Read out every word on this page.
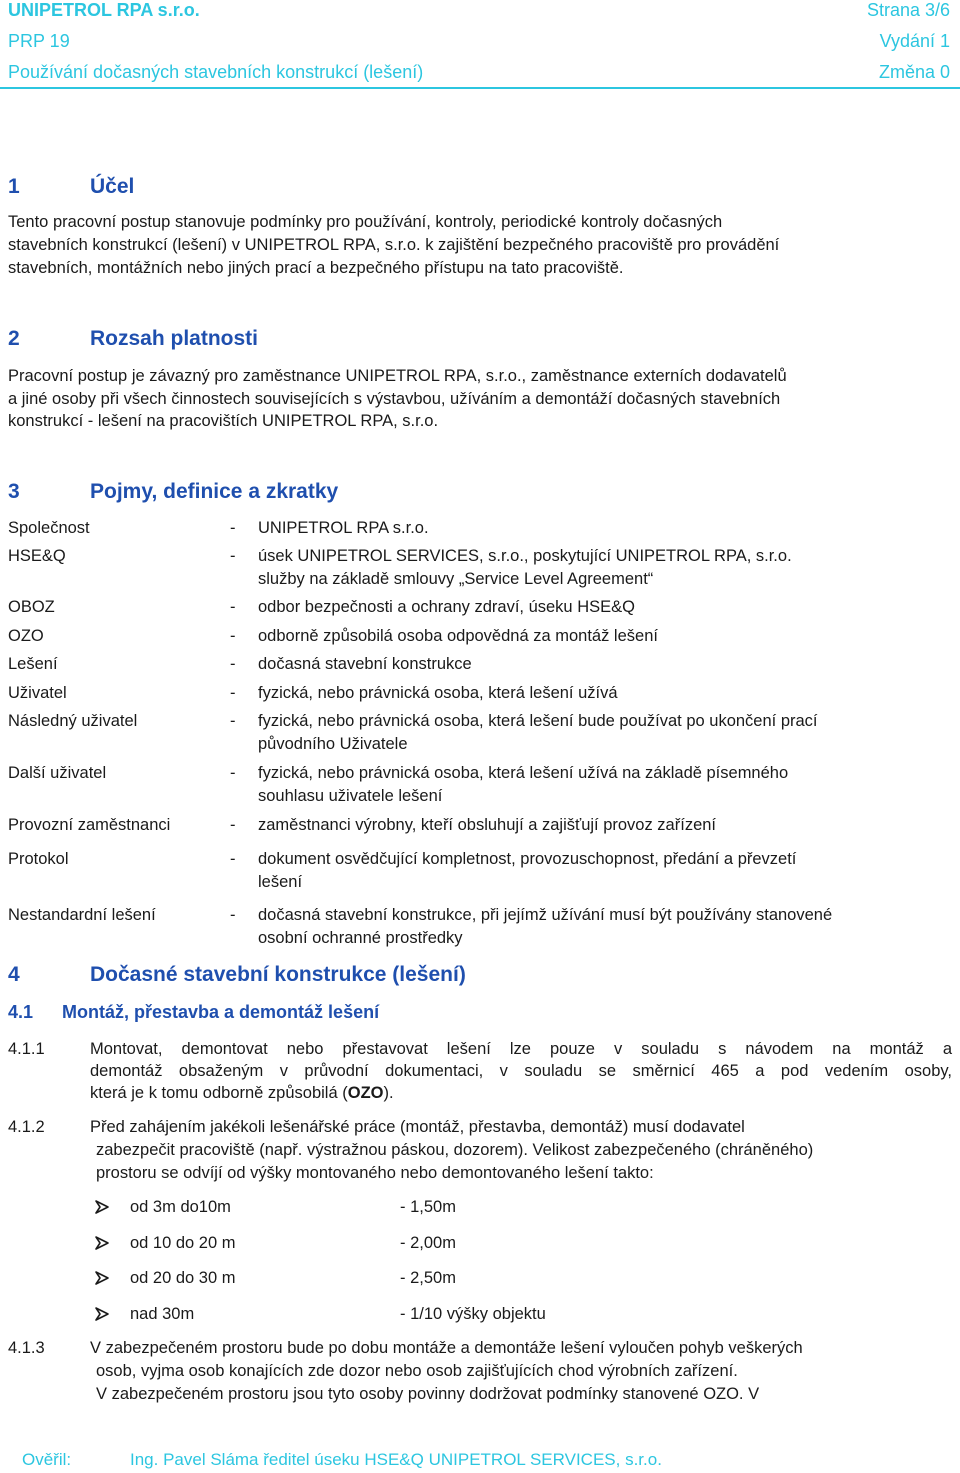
UNIPETROL RPA s.r.o.	Strana 3/6
PRP 19	Vydání 1
Používání dočasných stavebních konstrukcí (lešení)	Změna 0
1	Účel
Tento pracovní postup stanovuje podmínky pro používání, kontroly, periodické kontroly dočasných
stavebních konstrukcí (lešení) v UNIPETROL RPA, s.r.o. k zajištění bezpečného pracoviště pro provádění
stavebních, montážních nebo jiných prací a bezpečného přístupu na tato pracoviště.
2	Rozsah platnosti
Pracovní postup je závazný pro zaměstnance UNIPETROL RPA, s.r.o., zaměstnance externích dodavatelů
a jiné osoby při všech činnostech souvisejících s výstavbou, užíváním a demontáží dočasných stavebních
konstrukcí - lešení na pracovištích UNIPETROL RPA, s.r.o.
3	Pojmy, definice a zkratky
Společnost	- UNIPETROL RPA s.r.o.
HSE&Q	- úsek UNIPETROL SERVICES, s.r.o., poskytující UNIPETROL RPA, s.r.o.
služby na základě smlouvy „Service Level Agreement“
OBOZ	- odbor bezpečnosti a ochrany zdraví, úseku HSE&Q
OZO	- odborně způsobilá osoba odpovědná za montáž lešení
Lešení	- dočasná stavební konstrukce
Uživatel	- fyzická, nebo právnická osoba, která lešení užívá
Následný uživatel	- fyzická, nebo právnická osoba, která lešení bude používat po ukončení prací
původního Uživatele
Další uživatel	- fyzická, nebo právnická osoba, která lešení užívá na základě písemného
souhlasu uživatele lešení
Provozní zaměstnanci	- zaměstnanci výrobny, kteří obsluhují a zajišťují provoz zařízení
Protokol	- dokument osvědčující kompletnost, provozuschopnost, předání a převzetí
lešení
Nestandardní lešení	- dočasná stavební konstrukce, při jejímž užívání musí být používány stanovené
osobní ochranné prostředky
4	Dočasné stavební konstrukce (lešení)
4.1 Montáž, přestavba a demontáž lešení
4.1.1	Montovat, demontovat nebo přestavovat lešení lze pouze v souladu s návodem na montáž a
demontáž obsaženým v průvodní dokumentaci, v souladu se směrnicí 465 a pod vedením osoby,
která je k tomu odborně způsobilá (OZO).
4.1.2	Před zahájením jakékoli lešenářské práce (montáž, přestavba, demontáž) musí dodavatel
zabezpečit pracoviště (např. výstražnou páskou, dozorem). Velikost zabezpečeného (chráněného)
prostoru se odvíjí od výšky montovaného nebo demontovaného lešení takto:
od 3m do10m	- 1,50m
od 10 do 20 m	- 2,00m
od 20 do 30 m	- 2,50m
nad 30m	- 1/10 výšky objektu
4.1.3	V zabezpečeném prostoru bude po dobu montáže a demontáže lešení vyloučen pohyb veškerých
osob, vyjma osob konajících zde dozor nebo osob zajišťujících chod výrobních zařízení.
V zabezpečeném prostoru jsou tyto osoby povinny dodržovat podmínky stanovené OZO. V
Ověřil:	Ing. Pavel Sláma ředitel úseku HSE&Q UNIPETROL SERVICES, s.r.o.
